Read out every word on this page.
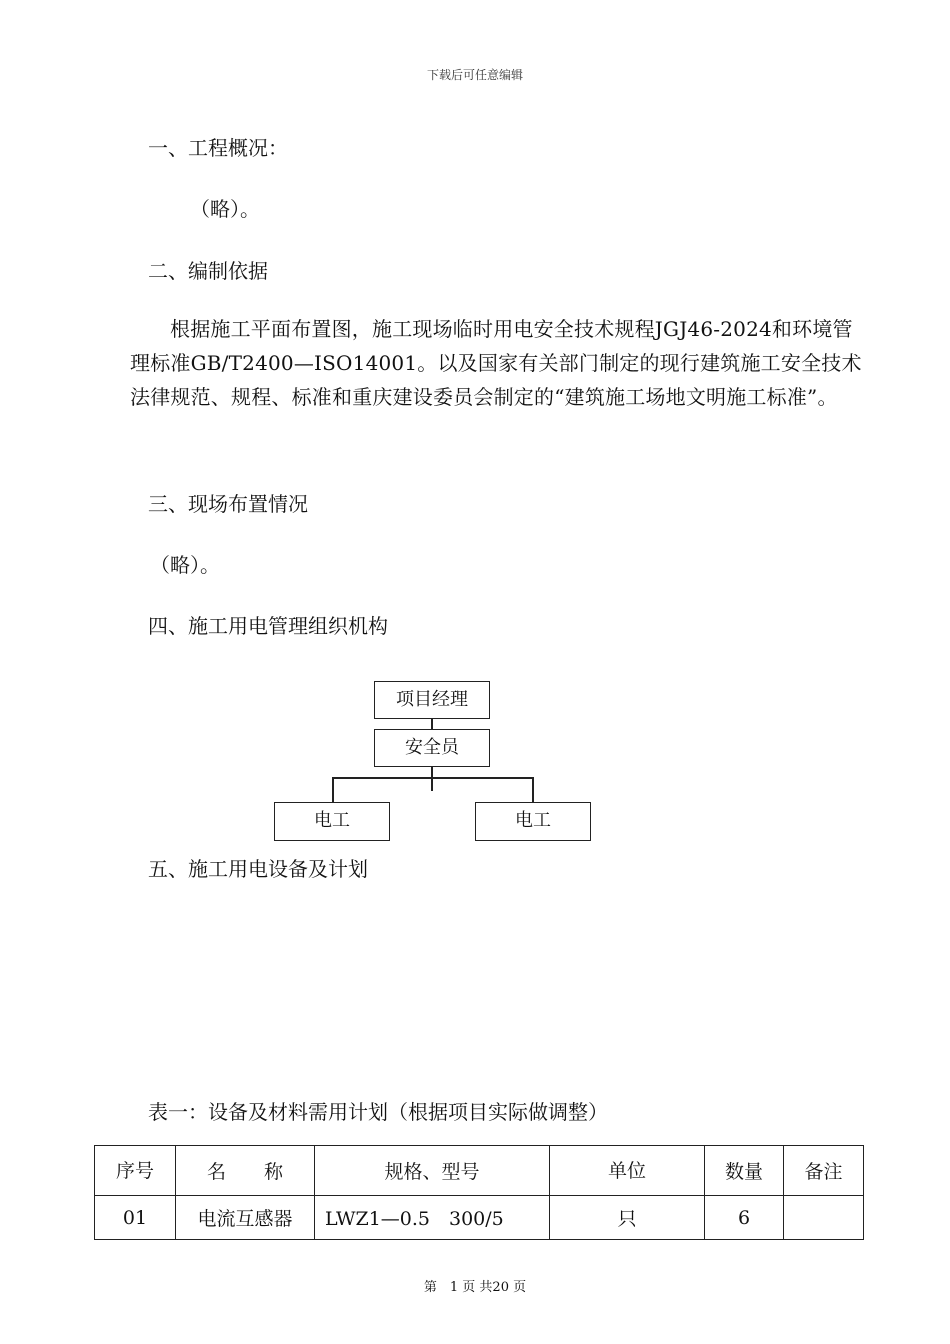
下载后可任意编辑
一、工程概况：
（略）。
二、编制依据
根据施工平面布置图，施工现场临时用电安全技术规程JGJ46-2024和环境管理标准GB/T2400—ISO14001。以及国家有关部门制定的现行建筑施工安全技术法律规范、规程、标准和重庆建设委员会制定的“建筑施工场地文明施工标准”。
三、现场布置情况
（略）。
四、施工用电管理组织机构
项目经理
安全员
电工	电工
五、施工用电设备及计划
表一：设备及材料需用计划（根据项目实际做调整）
序号	名　　称	规格、型号	单位	数量	备注
01	电流互感器	LWZ1—0.5　300/5	只	6	
第　1 页 共20 页
